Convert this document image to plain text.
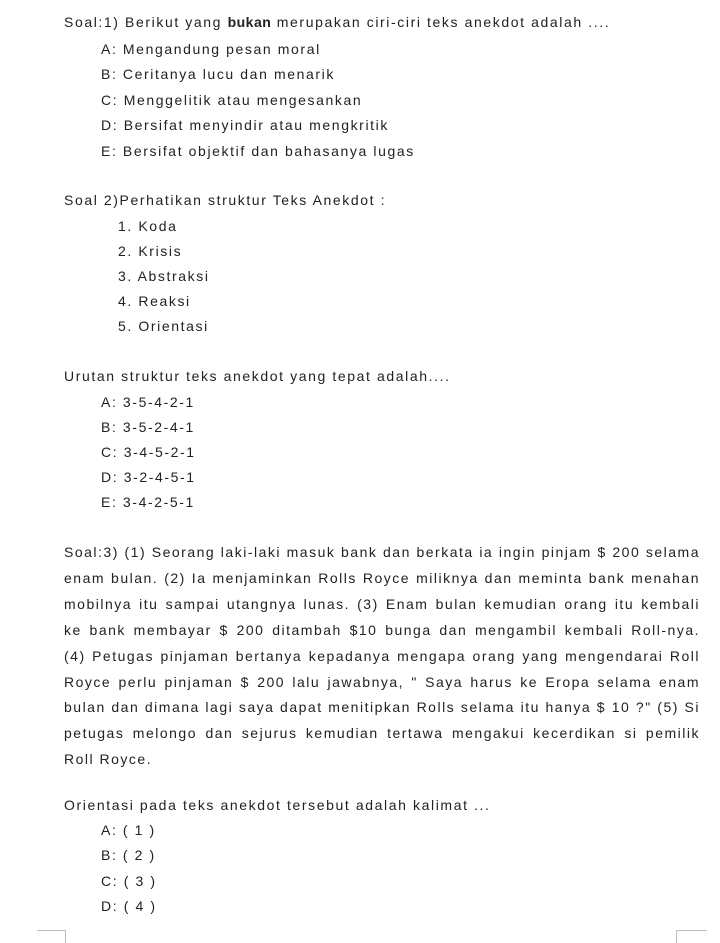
Soal:1) Berikut yang bukan merupakan ciri-ciri teks anekdot adalah ....
A: Mengandung pesan moral
B: Ceritanya lucu dan menarik
C: Menggelitik atau mengesankan
D: Bersifat menyindir atau mengkritik
E: Bersifat objektif dan bahasanya lugas
Soal 2)Perhatikan struktur Teks Anekdot :
1. Koda
2. Krisis
3. Abstraksi
4. Reaksi
5. Orientasi
Urutan struktur teks anekdot yang tepat adalah....
A: 3-5-4-2-1
B: 3-5-2-4-1
C: 3-4-5-2-1
D: 3-2-4-5-1
E: 3-4-2-5-1
Soal:3) (1) Seorang laki-laki masuk bank dan berkata ia ingin pinjam $ 200 selama enam bulan. (2) Ia menjaminkan Rolls Royce miliknya dan meminta bank menahan mobilnya itu sampai utangnya lunas. (3) Enam bulan kemudian orang itu kembali ke bank membayar $ 200 ditambah $10 bunga dan mengambil kembali Roll-nya. (4) Petugas pinjaman bertanya kepadanya mengapa orang yang mengendarai Roll Royce perlu pinjaman $ 200 lalu jawabnya, " Saya harus ke Eropa selama enam bulan dan dimana lagi saya dapat menitipkan Rolls selama itu hanya $ 10 ?" (5) Si petugas melongo dan sejurus kemudian tertawa mengakui kecerdikan si pemilik Roll Royce.
Orientasi pada teks anekdot tersebut adalah kalimat ...
A: ( 1 )
B: ( 2 )
C: ( 3 )
D: ( 4 )
